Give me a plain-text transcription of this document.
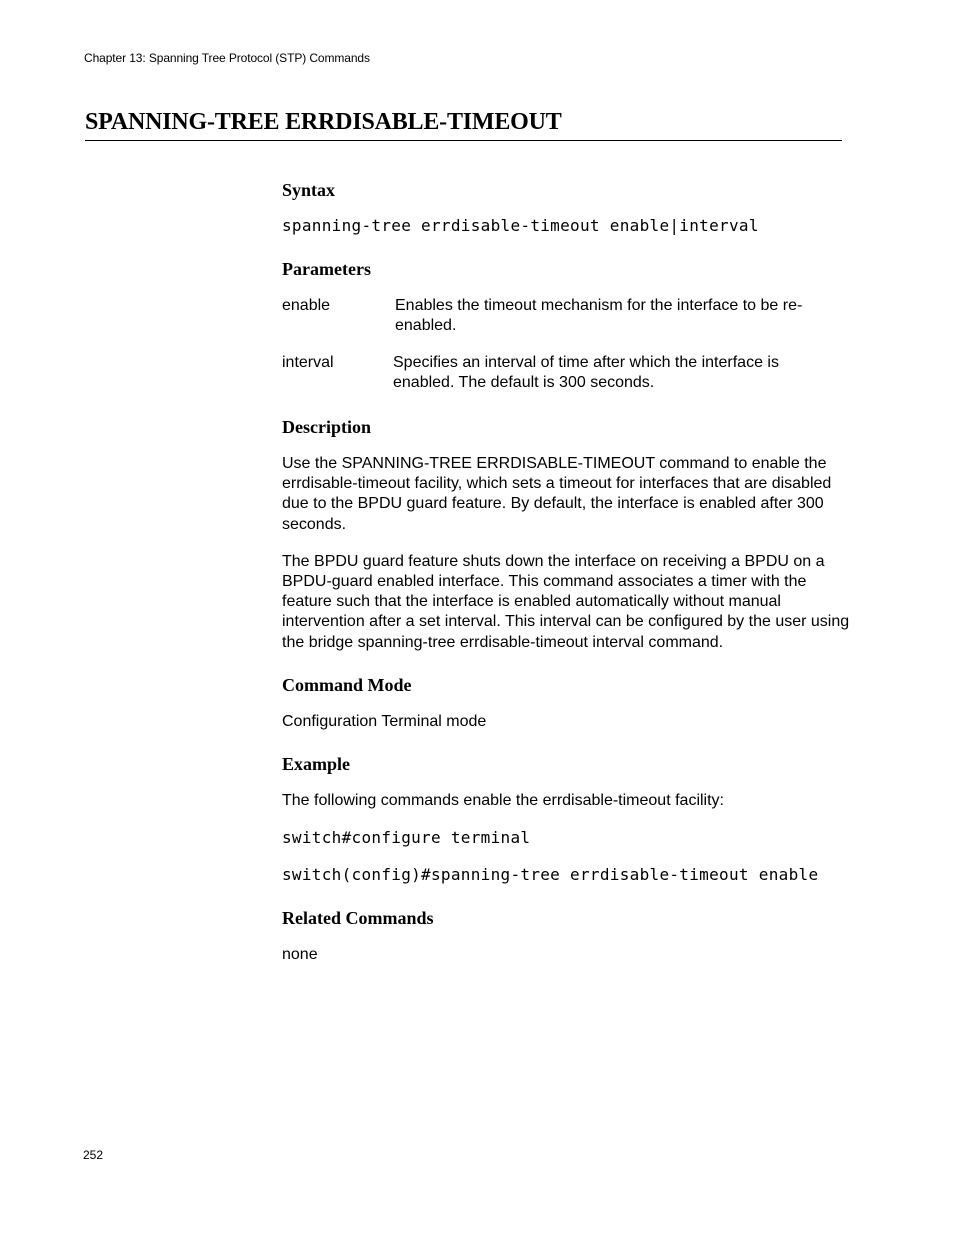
Chapter 13: Spanning Tree Protocol (STP) Commands
SPANNING-TREE ERRDISABLE-TIMEOUT
Syntax

spanning-tree errdisable-timeout enable|interval

Parameters
enable	Enables the timeout mechanism for the interface to be re-enabled.
interval	Specifies an interval of time after which the interface is enabled. The default is 300 seconds.
Description

Use the SPANNING-TREE ERRDISABLE-TIMEOUT command to enable the errdisable-timeout facility, which sets a timeout for interfaces that are disabled due to the BPDU guard feature. By default, the interface is enabled after 300 seconds.

The BPDU guard feature shuts down the interface on receiving a BPDU on a BPDU-guard enabled interface. This command associates a timer with the feature such that the interface is enabled automatically without manual intervention after a set interval. This interval can be configured by the user using the bridge spanning-tree errdisable-timeout interval command.

Command Mode

Configuration Terminal mode

Example

The following commands enable the errdisable-timeout facility:

switch#configure terminal

switch(config)#spanning-tree errdisable-timeout enable

Related Commands

none

252
